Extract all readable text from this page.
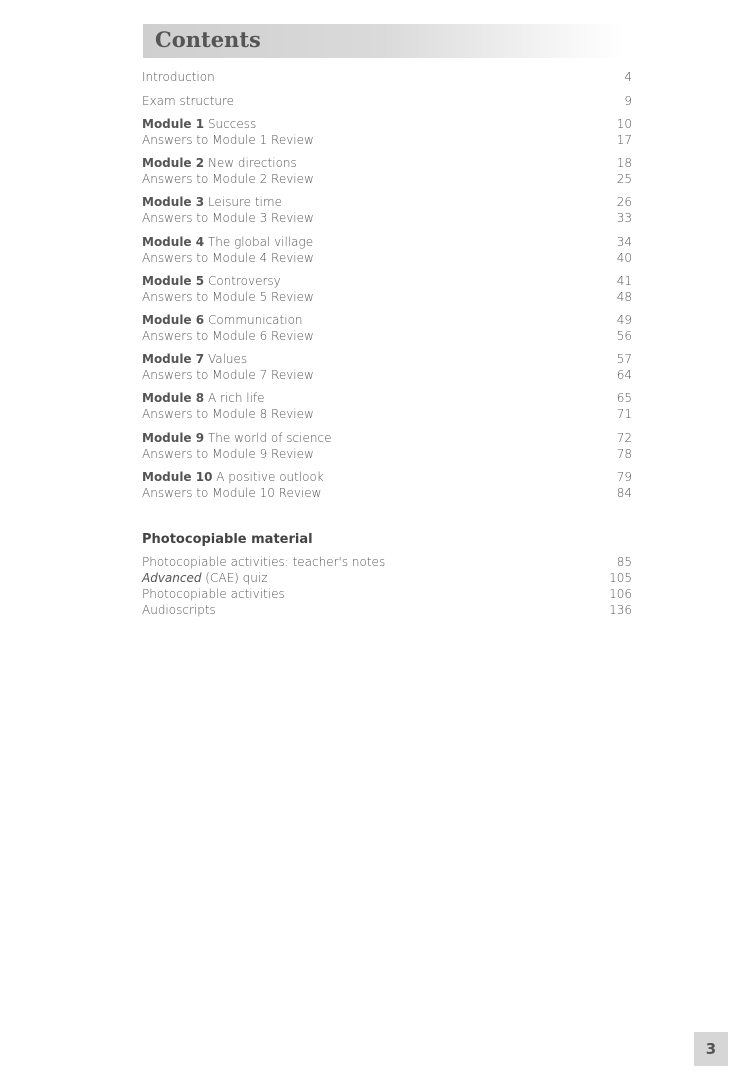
Contents
Photocopiable material
3
Introduction	4
Exam structure	9
Module 1 Success	10
Answers to Module 1 Review	17
Module 2 New directions	18
Answers to Module 2 Review	25
Module 3 Leisure time	26
Answers to Module 3 Review	33
Module 4 The global village	34
Answers to Module 4 Review	40
Module 5 Controversy	41
Answers to Module 5 Review	48
Module 6 Communication	49
Answers to Module 6 Review	56
Module 7 Values	57
Answers to Module 7 Review	64
Module 8 A rich life	65
Answers to Module 8 Review	71
Module 9 The world of science	72
Answers to Module 9 Review	78
Module 10 A positive outlook	79
Answers to Module 10 Review	84
Photocopiable activities: teacher's notes	85
Advanced (CAE) quiz	105
Photocopiable activities	106
Audioscripts	136
